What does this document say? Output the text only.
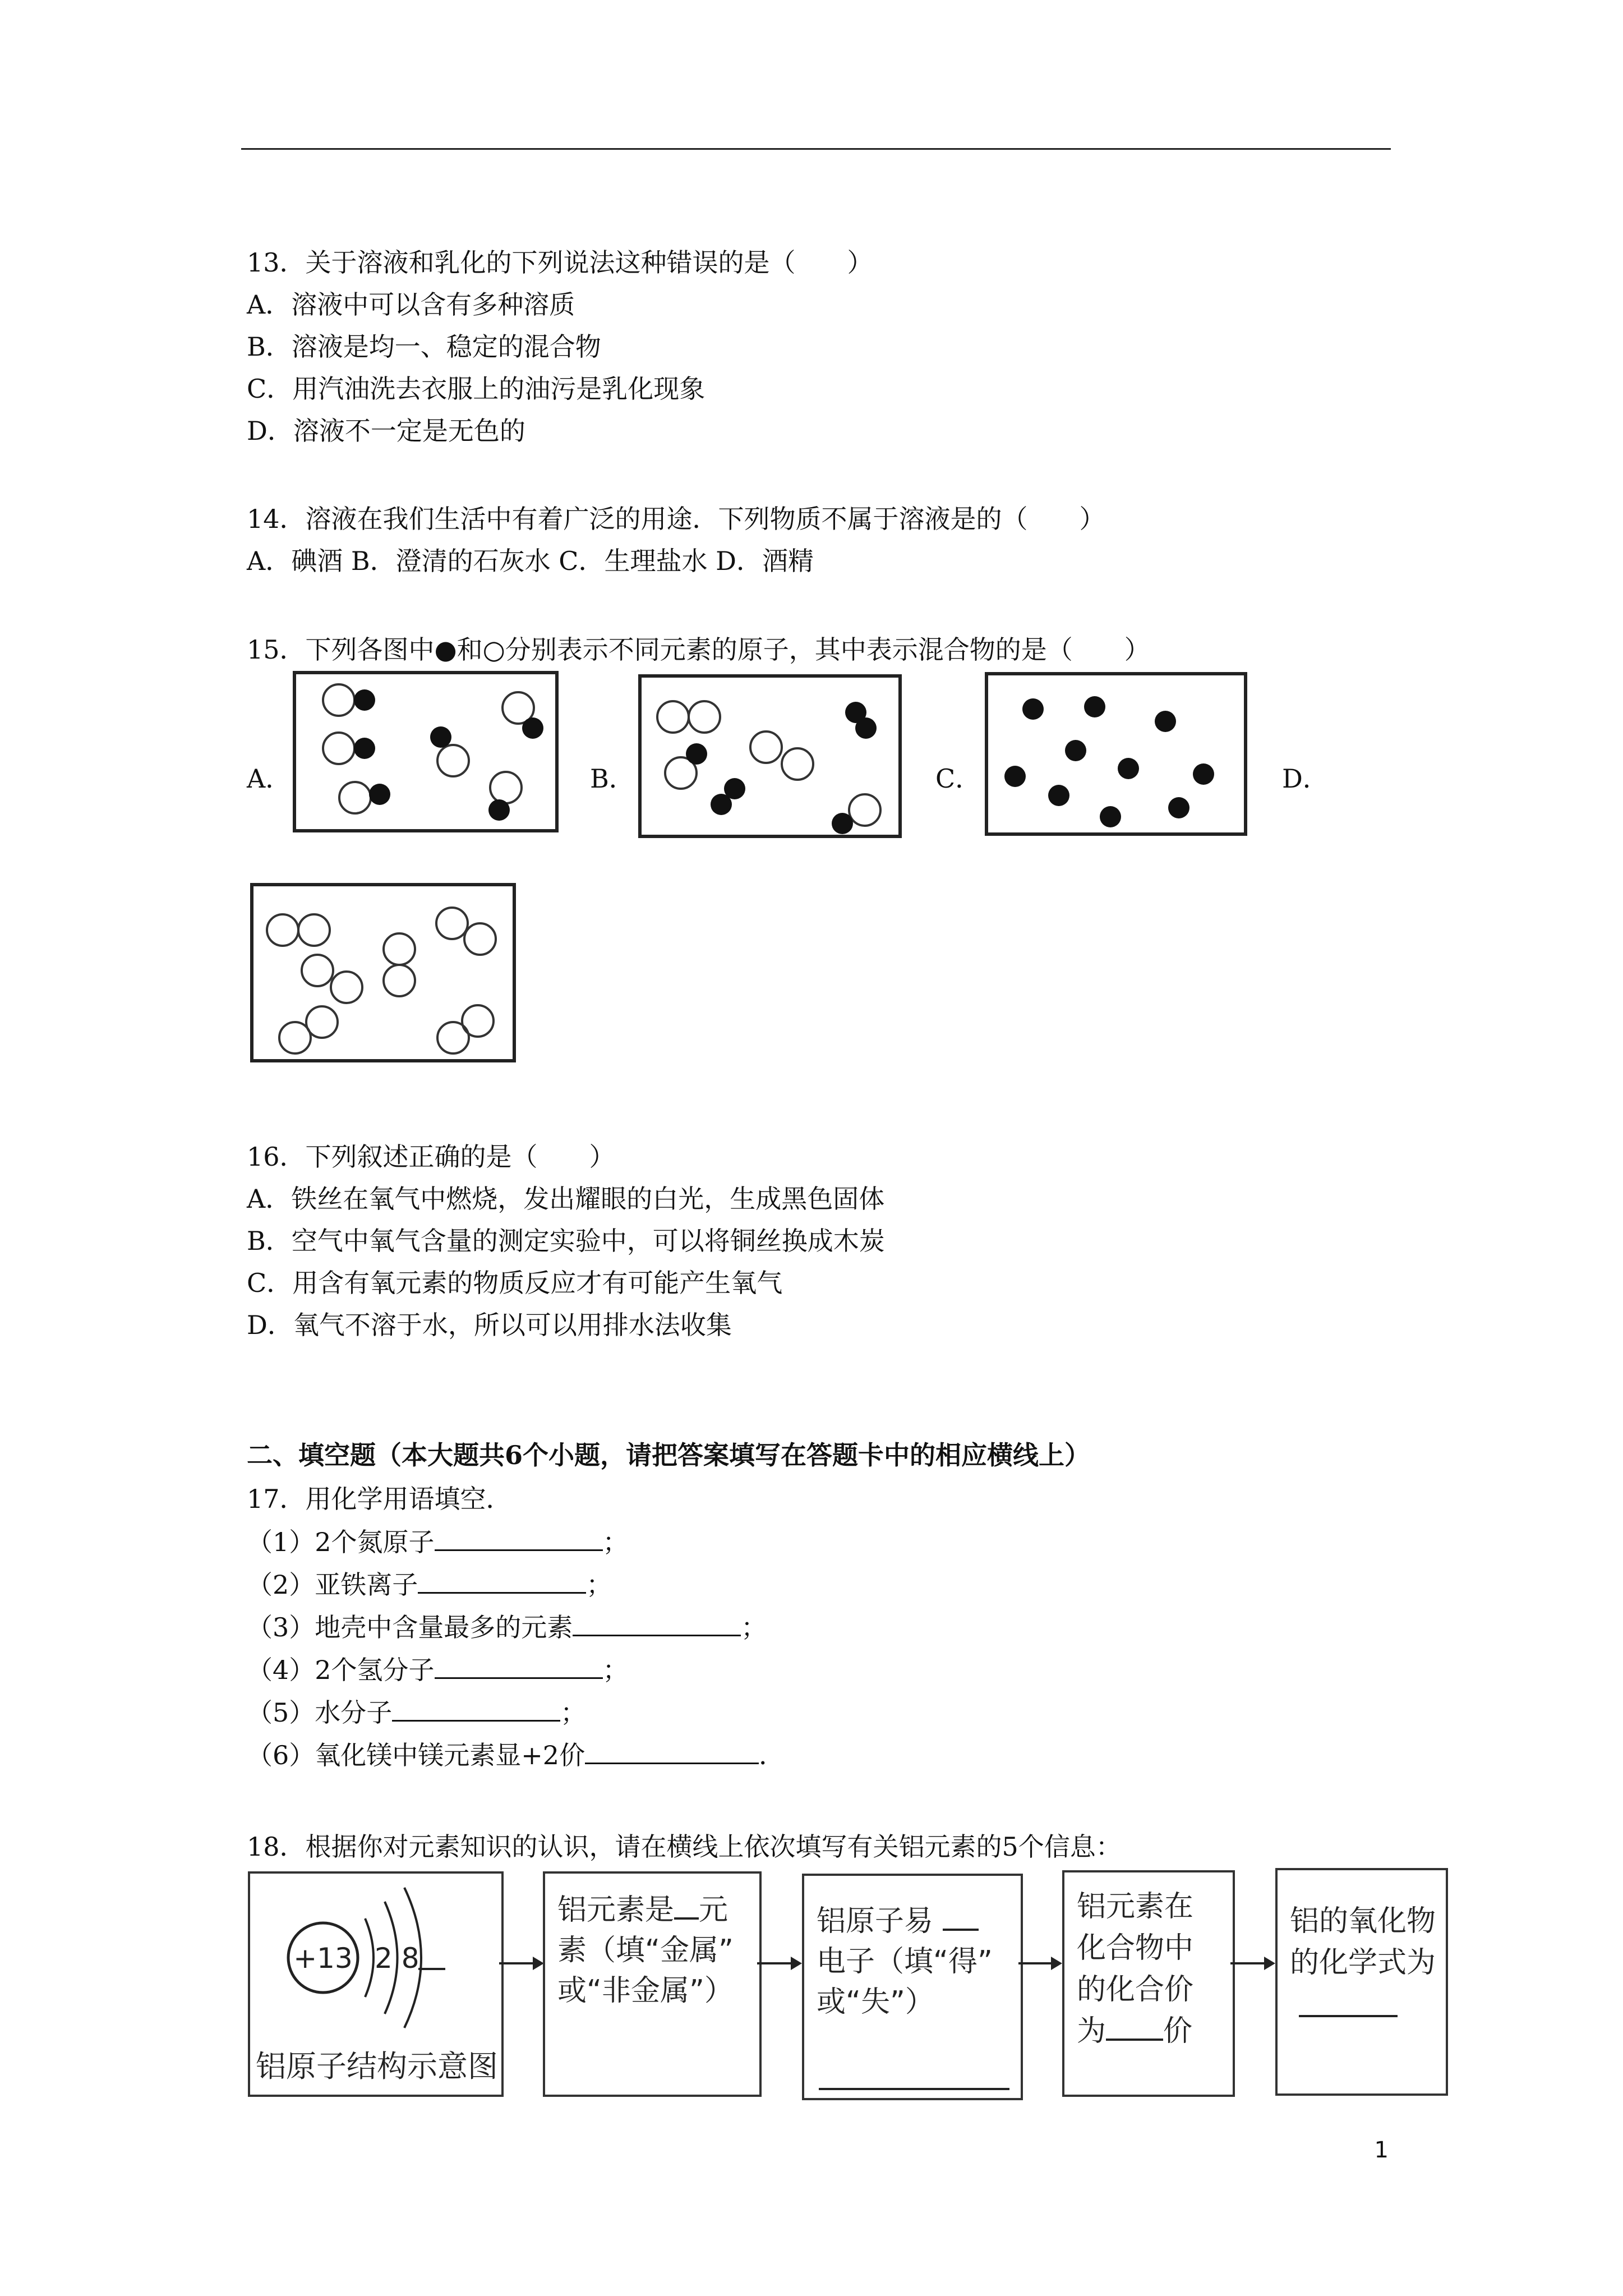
13．关于溶液和乳化的下列说法这种错误的是（　　）
A．溶液中可以含有多种溶质
B．溶液是均一、稳定的混合物
C．用汽油洗去衣服上的油污是乳化现象
D．溶液不一定是无色的
14．溶液在我们生活中有着广泛的用途．下列物质不属于溶液是的（　　）
A．碘酒 B．澄清的石灰水 C．生理盐水 D．酒精
15．下列各图中●和○分别表示不同元素的原子，其中表示混合物的是（　　）
A．	B．	C．	D．
16．下列叙述正确的是（　　）
A．铁丝在氧气中燃烧，发出耀眼的白光，生成黑色固体
B．空气中氧气含量的测定实验中，可以将铜丝换成木炭
C．用含有氧元素的物质反应才有可能产生氧气
D．氧气不溶于水，所以可以用排水法收集
二、填空题（本大题共6个小题，请把答案填写在答题卡中的相应横线上）
17．用化学用语填空．
（1）2个氮原子	；
（2）亚铁离子	；
（3）地壳中含量最多的元素	；
（4）2个氢分子	；
（5）水分子	；
（6）氧化镁中镁元素显+2价	．
18．根据你对元素知识的认识，请在横线上依次填写有关铝元素的5个信息：
+13 2 8
铝原子结构示意图
铝元素是 元
素（填“金属”
或“非金属”）
铝原子易
电子（填“得”
或“失”）
铝元素在
化合物中
的化合价
为 价
铝的氧化物
的化学式为
1
